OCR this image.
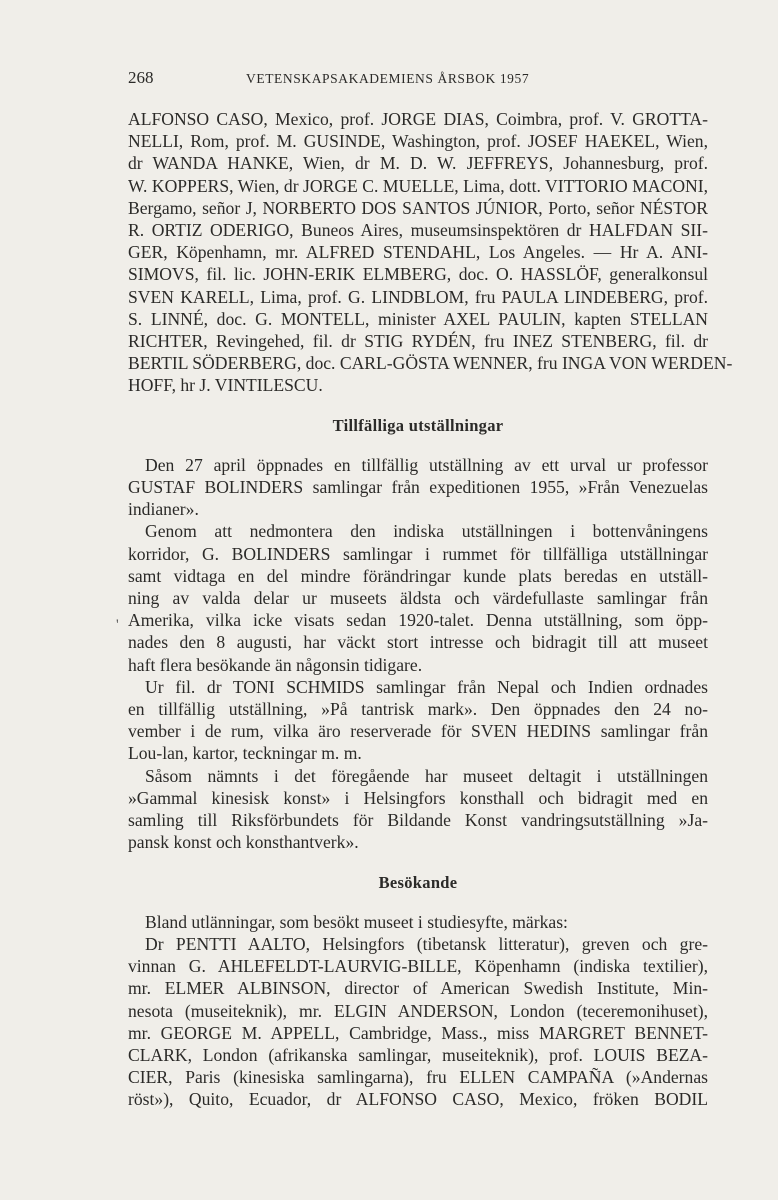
268	VETENSKAPSAKADEMIENS ÅRSBOK 1957
ALFONSO CASO, Mexico, prof. JORGE DIAS, Coimbra, prof. V. GROTTA-
NELLI, Rom, prof. M. GUSINDE, Washington, prof. JOSEF HAEKEL, Wien,
dr WANDA HANKE, Wien, dr M. D. W. JEFFREYS, Johannesburg, prof.
W. KOPPERS, Wien, dr JORGE C. MUELLE, Lima, dott. VITTORIO MACONI,
Bergamo, señor J, NORBERTO DOS SANTOS JÚNIOR, Porto, señor NÉSTOR
R. ORTIZ ODERIGO, Buneos Aires, museumsinspektören dr HALFDAN SII-
GER, Köpenhamn, mr. ALFRED STENDAHL, Los Angeles. — Hr A. ANI-
SIMOVS, fil. lic. JOHN-ERIK ELMBERG, doc. O. HASSLÖF, generalkonsul
SVEN KARELL, Lima, prof. G. LINDBLOM, fru PAULA LINDEBERG, prof.
S. LINNÉ, doc. G. MONTELL, minister AXEL PAULIN, kapten STELLAN
RICHTER, Revingehed, fil. dr STIG RYDÉN, fru INEZ STENBERG, fil. dr
BERTIL SÖDERBERG, doc. CARL-GÖSTA WENNER, fru INGA VON WERDEN-
HOFF, hr J. VINTILESCU.
Tillfälliga utställningar
Den 27 april öppnades en tillfällig utställning av ett urval ur professor
GUSTAF BOLINDERS samlingar från expeditionen 1955, »Från Venezuelas
indianer».
Genom att nedmontera den indiska utställningen i bottenvåningens
korridor, G. BOLINDERS samlingar i rummet för tillfälliga utställningar
samt vidtaga en del mindre förändringar kunde plats beredas en utställ-
ning av valda delar ur museets äldsta och värdefullaste samlingar från
Amerika, vilka icke visats sedan 1920-talet. Denna utställning, som öpp-
nades den 8 augusti, har väckt stort intresse och bidragit till att museet
haft flera besökande än någonsin tidigare.
Ur fil. dr TONI SCHMIDS samlingar från Nepal och Indien ordnades
en tillfällig utställning, »På tantrisk mark». Den öppnades den 24 no-
vember i de rum, vilka äro reserverade för SVEN HEDINS samlingar från
Lou-lan, kartor, teckningar m. m.
Såsom nämnts i det föregående har museet deltagit i utställningen
»Gammal kinesisk konst» i Helsingfors konsthall och bidragit med en
samling till Riksförbundets för Bildande Konst vandringsutställning »Ja-
pansk konst och konsthantverk».
Besökande
Bland utlänningar, som besökt museet i studiesyfte, märkas:
Dr PENTTI AALTO, Helsingfors (tibetansk litteratur), greven och gre-
vinnan G. AHLEFELDT-LAURVIG-BILLE, Köpenhamn (indiska textilier),
mr. ELMER ALBINSON, director of American Swedish Institute, Min-
nesota (museiteknik), mr. ELGIN ANDERSON, London (teceremonihuset),
mr. GEORGE M. APPELL, Cambridge, Mass., miss MARGRET BENNET-
CLARK, London (afrikanska samlingar, museiteknik), prof. LOUIS BEZA-
CIER, Paris (kinesiska samlingarna), fru ELLEN CAMPAÑA (»Andernas
röst»), Quito, Ecuador, dr ALFONSO CASO, Mexico, fröken BODIL
'
